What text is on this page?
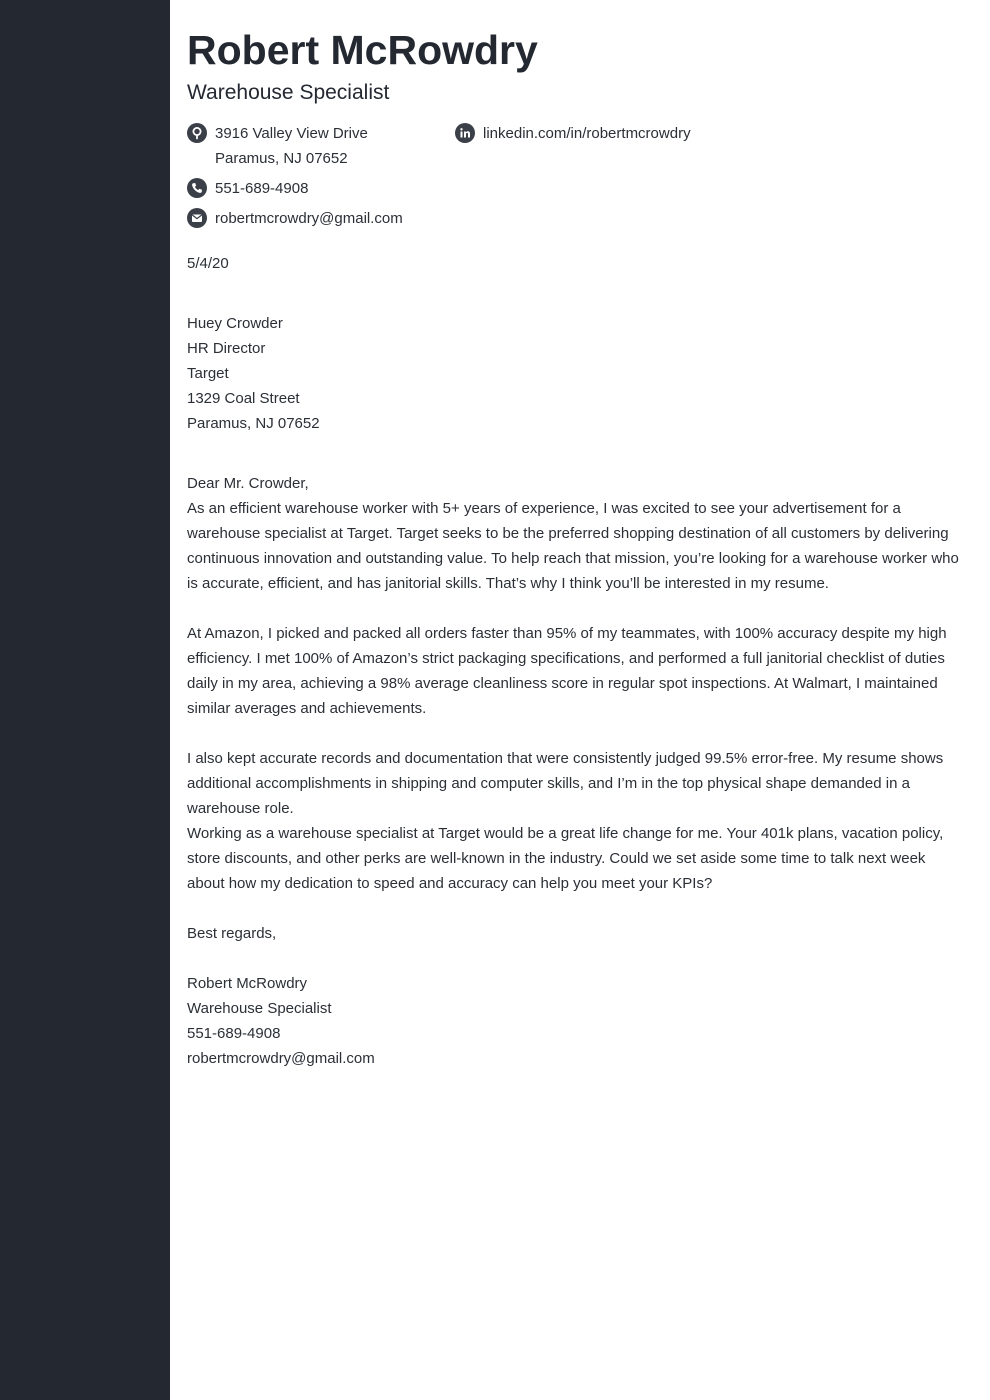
Robert McRowdry
Warehouse Specialist
3916 Valley View Drive
Paramus, NJ 07652
551-689-4908
robertmcrowdry@gmail.com
linkedin.com/in/robertmcrowdry
5/4/20
Huey Crowder
HR Director
Target
1329 Coal Street
Paramus, NJ 07652
Dear Mr. Crowder,

As an efficient warehouse worker with 5+ years of experience, I was excited to see your advertisement for a warehouse specialist at Target. Target seeks to be the preferred shopping destination of all customers by delivering continuous innovation and outstanding value. To help reach that mission, you’re looking for a warehouse worker who is accurate, efficient, and has janitorial skills. That’s why I think you’ll be interested in my resume.

At Amazon, I picked and packed all orders faster than 95% of my teammates, with 100% accuracy despite my high efficiency. I met 100% of Amazon’s strict packaging specifications, and performed a full janitorial checklist of duties daily in my area, achieving a 98% average cleanliness score in regular spot inspections. At Walmart, I maintained similar averages and achievements.

I also kept accurate records and documentation that were consistently judged 99.5% error-free. My resume shows additional accomplishments in shipping and computer skills, and I’m in the top physical shape demanded in a warehouse role.

Working as a warehouse specialist at Target would be a great life change for me. Your 401k plans, vacation policy, store discounts, and other perks are well-known in the industry. Could we set aside some time to talk next week about how my dedication to speed and accuracy can help you meet your KPIs?

Best regards,
Robert McRowdry
Warehouse Specialist
551-689-4908
robertmcrowdry@gmail.com
